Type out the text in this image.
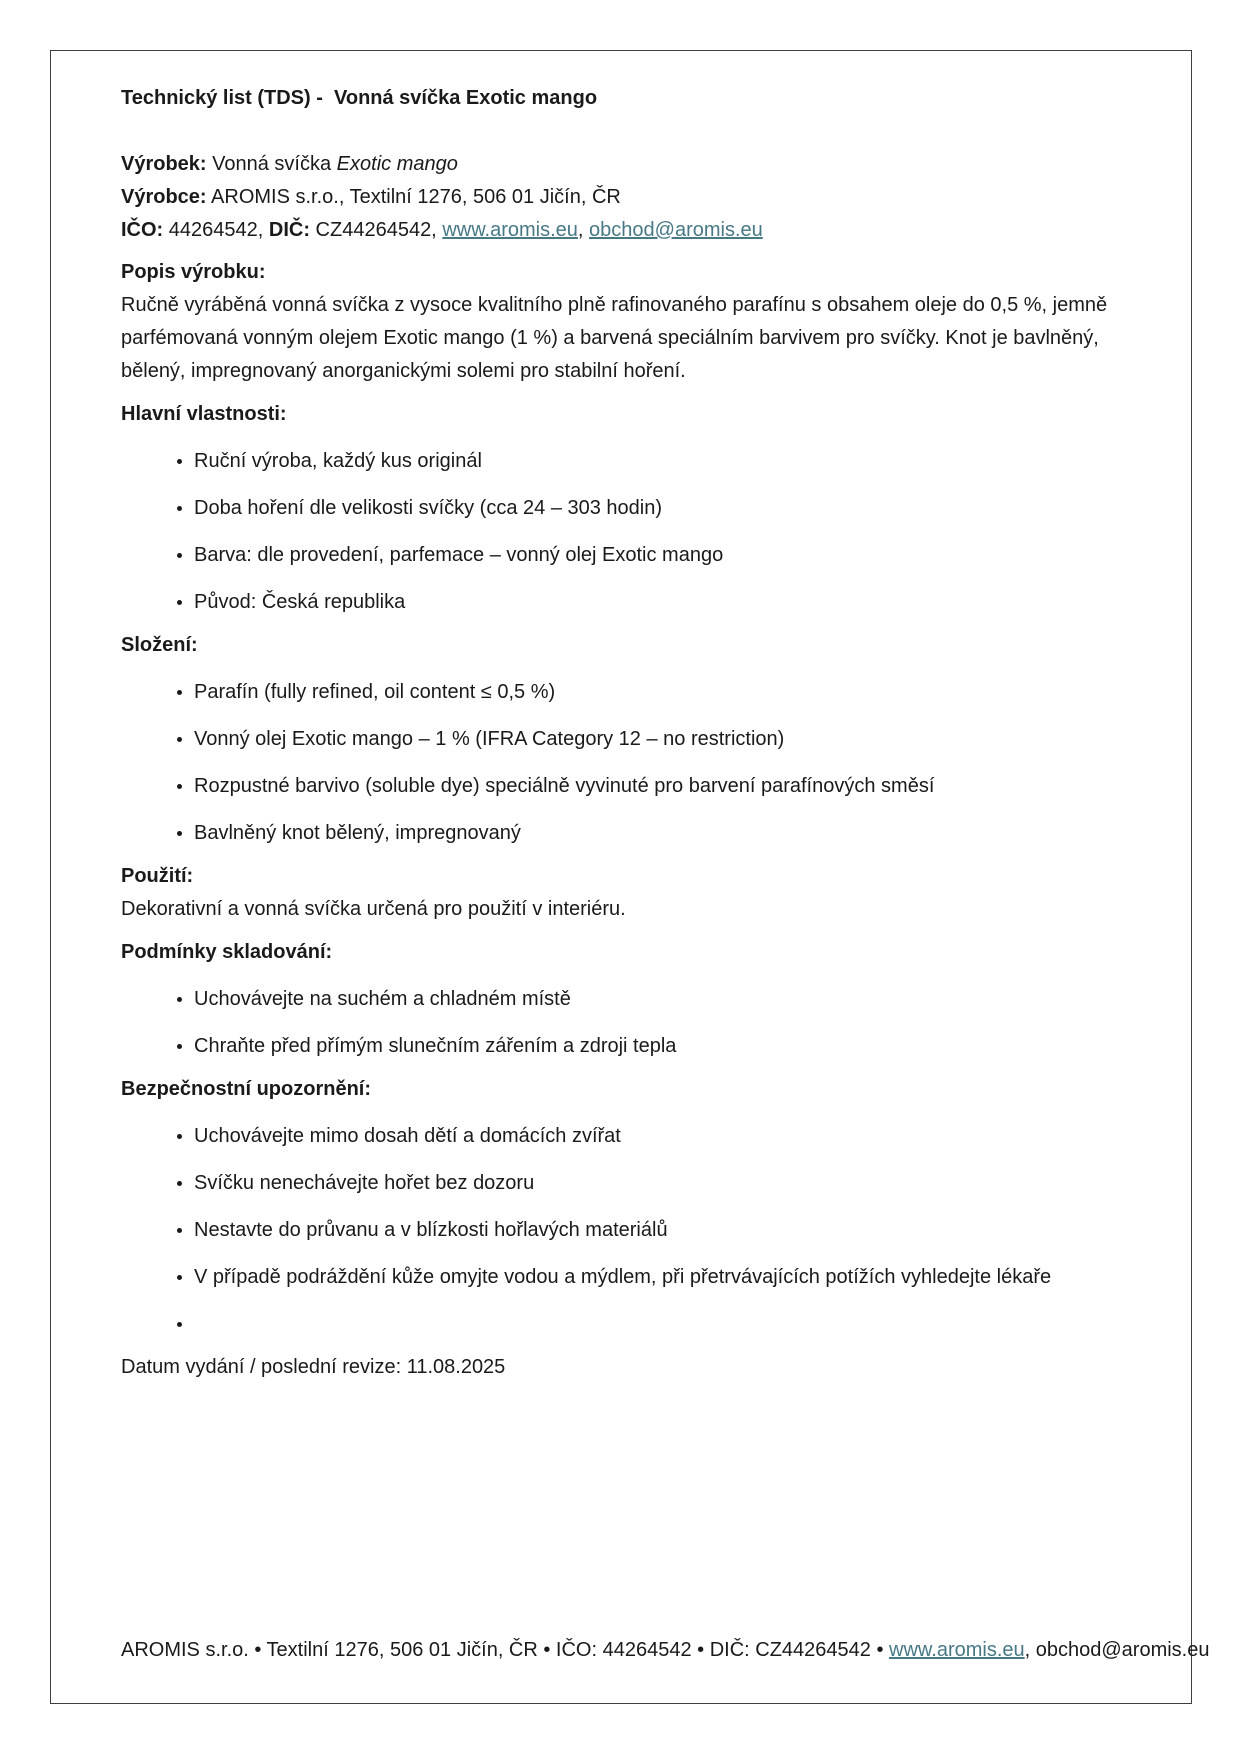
Technický list (TDS) -  Vonná svíčka Exotic mango

Výrobek: Vonná svíčka Exotic mango

Výrobce: AROMIS s.r.o., Textilní 1276, 506 01 Jičín, ČR

IČO: 44264542, DIČ: CZ44264542, www.aromis.eu, obchod@aromis.eu

Popis výrobku:

Ručně vyráběná vonná svíčka z vysoce kvalitního plně rafinovaného parafínu s obsahem oleje do 0,5 %, jemně parfémovaná vonným olejem Exotic mango (1 %) a barvená speciálním barvivem pro svíčky. Knot je bavlněný, bělený, impregnovaný anorganickými solemi pro stabilní hoření.

Hlavní vlastnosti:

• Ruční výroba, každý kus originál
• Doba hoření dle velikosti svíčky (cca 24 – 303 hodin)
• Barva: dle provedení, parfemace – vonný olej Exotic mango
• Původ: Česká republika

Složení:

• Parafín (fully refined, oil content ≤ 0,5 %)
• Vonný olej Exotic mango – 1 % (IFRA Category 12 – no restriction)
• Rozpustné barvivo (soluble dye) speciálně vyvinuté pro barvení parafínových směsí
• Bavlněný knot bělený, impregnovaný

Použití:

Dekorativní a vonná svíčka určená pro použití v interiéru.

Podmínky skladování:

• Uchovávejte na suchém a chladném místě
• Chraňte před přímým slunečním zářením a zdroji tepla

Bezpečnostní upozornění:

• Uchovávejte mimo dosah dětí a domácích zvířat
• Svíčku nenechávejte hořet bez dozoru
• Nestavte do průvanu a v blízkosti hořlavých materiálů
• V případě podráždění kůže omyjte vodou a mýdlem, při přetrvávajících potížích vyhledejte lékaře
•

Datum vydání / poslední revize: 11.08.2025

AROMIS s.r.o. • Textilní 1276, 506 01 Jičín, ČR • IČO: 44264542 • DIČ: CZ44264542 • www.aromis.eu, obchod@aromis.eu
